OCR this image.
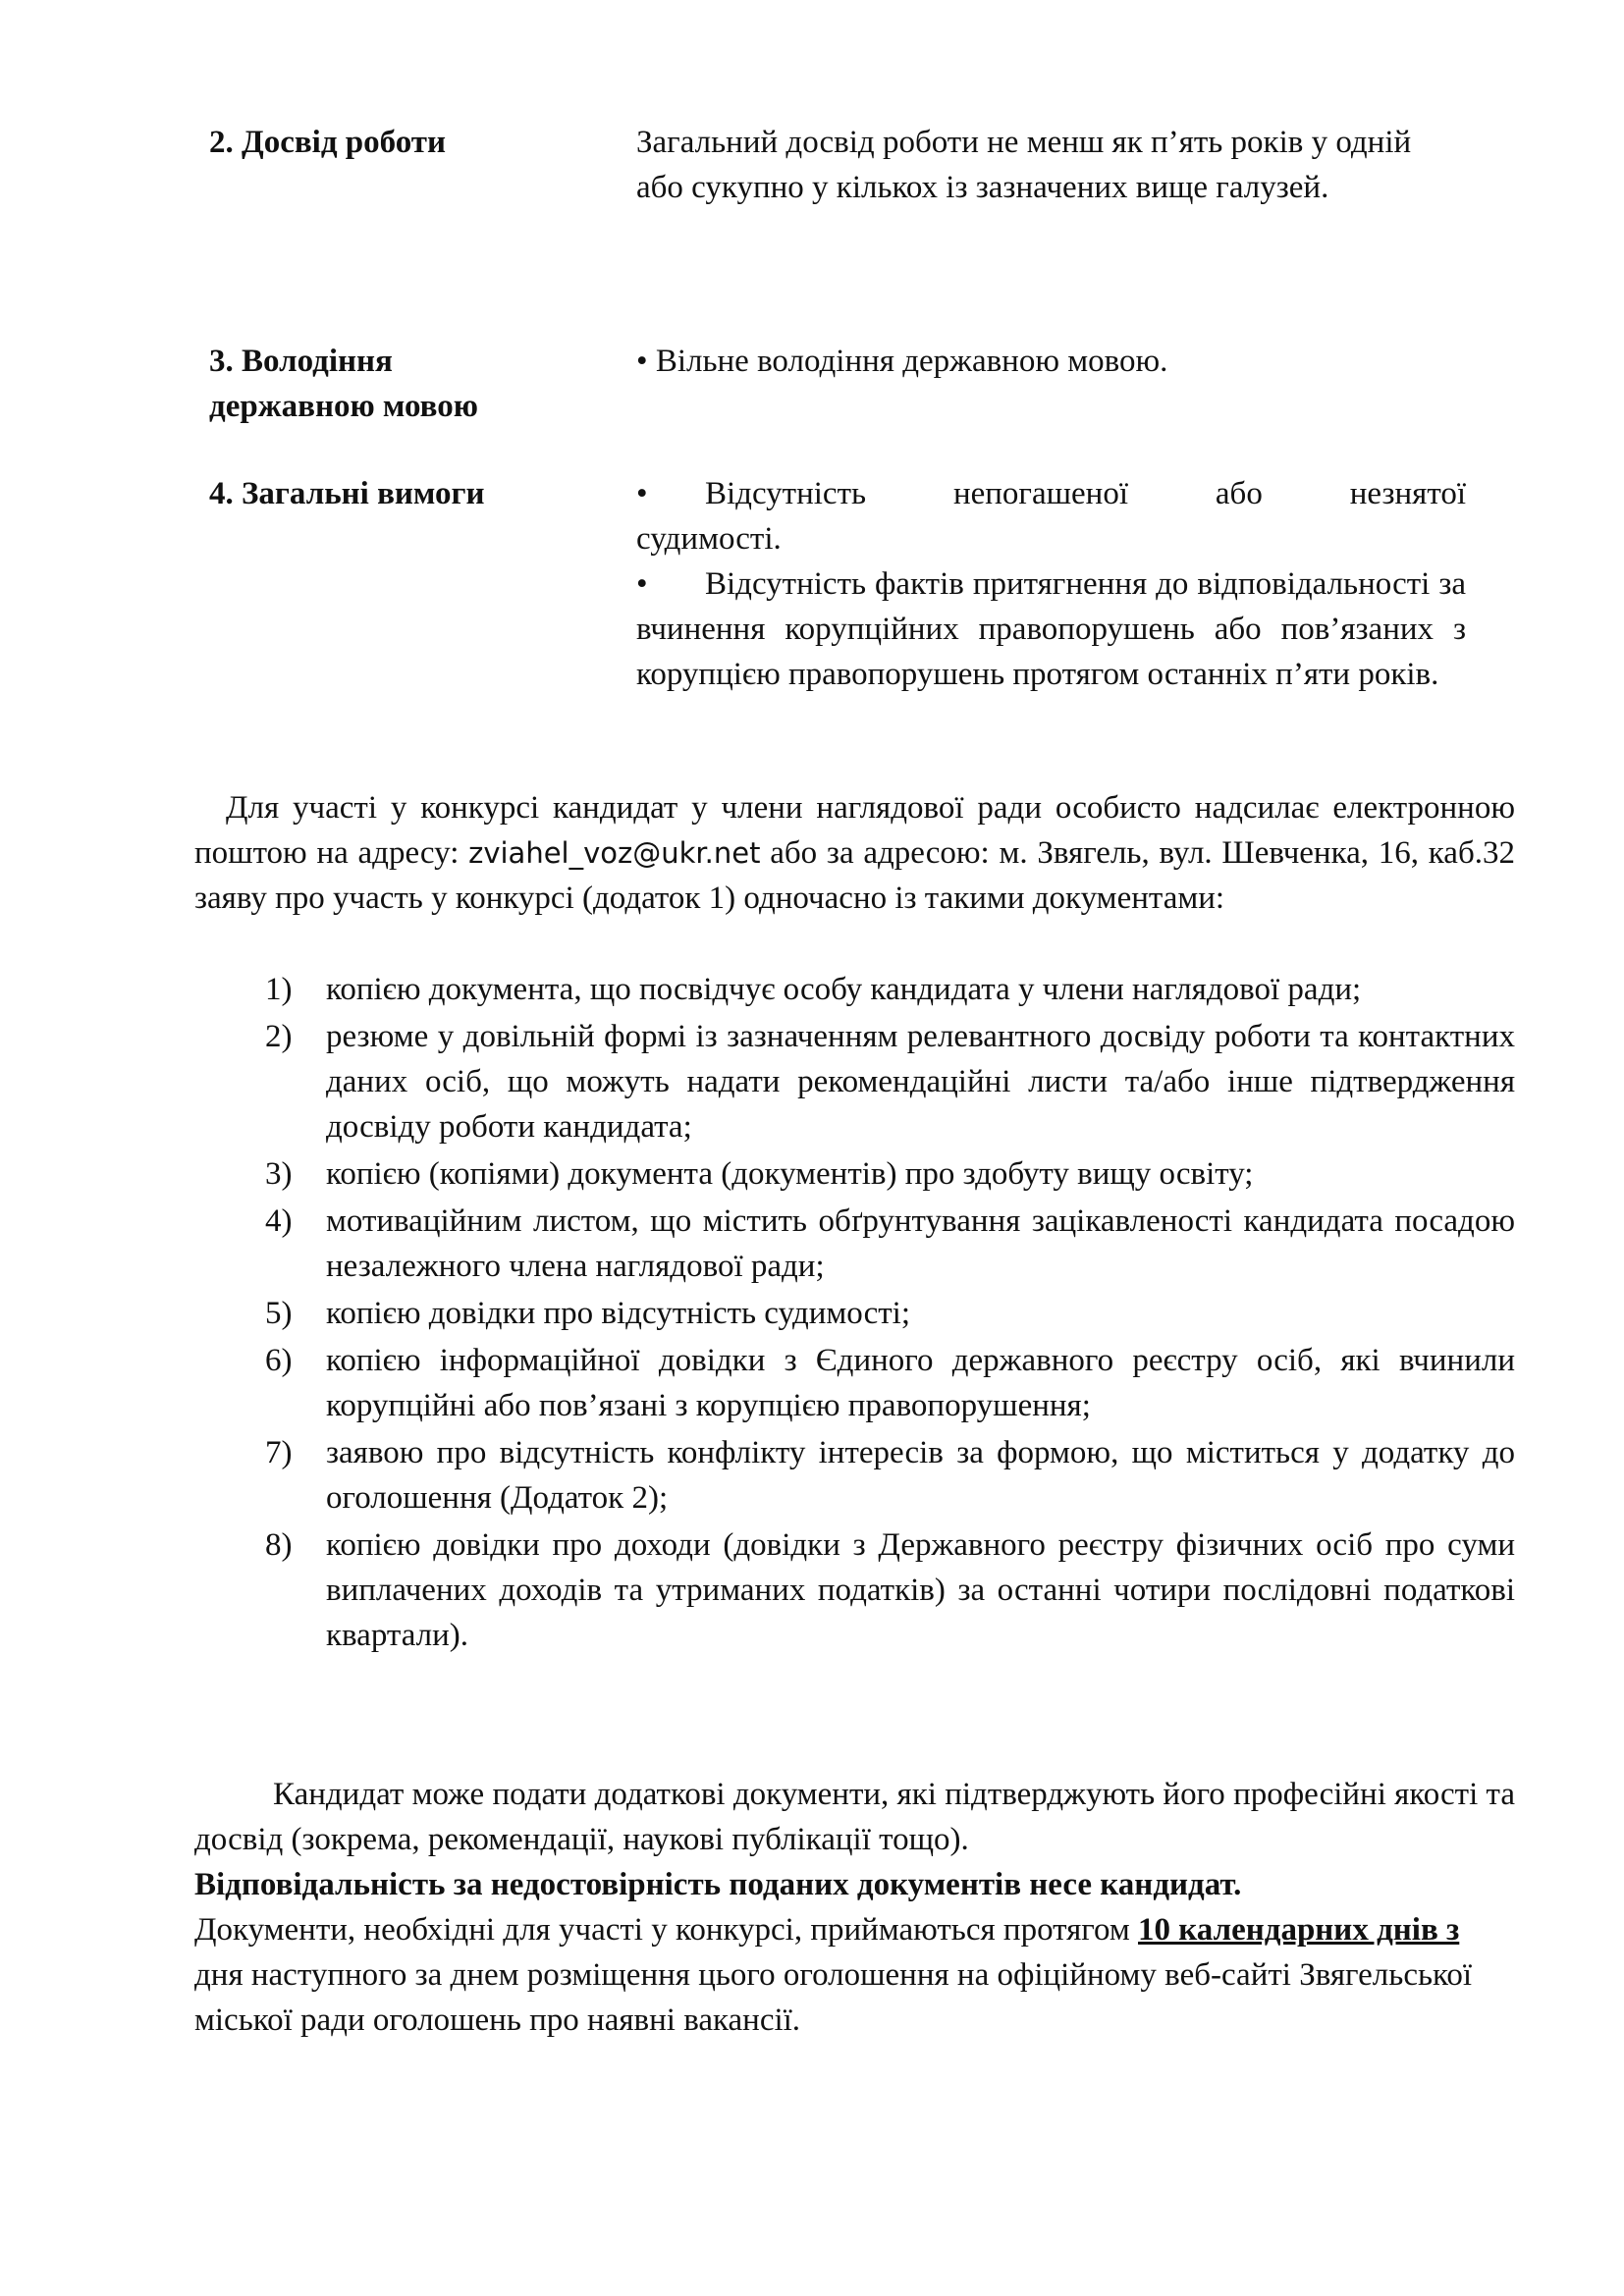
2. Досвід роботи	Загальний досвід роботи не менш як п’ять років у одній або сукупно у кількох із зазначених вище галузей.
3. Володіння державною мовою
• Вільне володіння державною мовою.
4. Загальні вимоги	• Відсутність непогашеної або незнятої судимості.
• Відсутність фактів притягнення до відповідальності за вчинення корупційних правопорушень або пов’язаних з корупцією правопорушень протягом останніх п’яти років.
Для участі у конкурсі кандидат у члени наглядової ради особисто надсилає електронною поштою на адресу: zviahel_voz@ukr.net або за адресою: м. Звягель, вул. Шевченка, 16, каб.32 заяву про участь у конкурсі (додаток 1) одночасно із такими документами:
1) копією документа, що посвідчує особу кандидата у члени наглядової ради;
2) резюме у довільній формі із зазначенням релевантного досвіду роботи та контактних даних осіб, що можуть надати рекомендаційні листи та/або інше підтвердження досвіду роботи кандидата;
3) копією (копіями) документа (документів) про здобуту вищу освіту;
4) мотиваційним листом, що містить обґрунтування зацікавленості кандидата посадою незалежного члена наглядової ради;
5) копією довідки про відсутність судимості;
6) копією інформаційної довідки з Єдиного державного реєстру осіб, які вчинили корупційні або пов’язані з корупцією правопорушення;
7) заявою про відсутність конфлікту інтересів за формою, що міститься у додатку до оголошення (Додаток 2);
8) копією довідки про доходи (довідки з Державного реєстру фізичних осіб про суми виплачених доходів та утриманих податків) за останні чотири послідовні податкові квартали).
Кандидат може подати додаткові документи, які підтверджують його професійні якості та досвід (зокрема, рекомендації, наукові публікації тощо).
Відповідальність за недостовірність поданих документів несе кандидат.
Документи, необхідні для участі у конкурсі, приймаються протягом 10 календарних днів з дня наступного за днем розміщення цього оголошення на офіційному веб-сайті Звягельської міської ради оголошень про наявні вакансії.
